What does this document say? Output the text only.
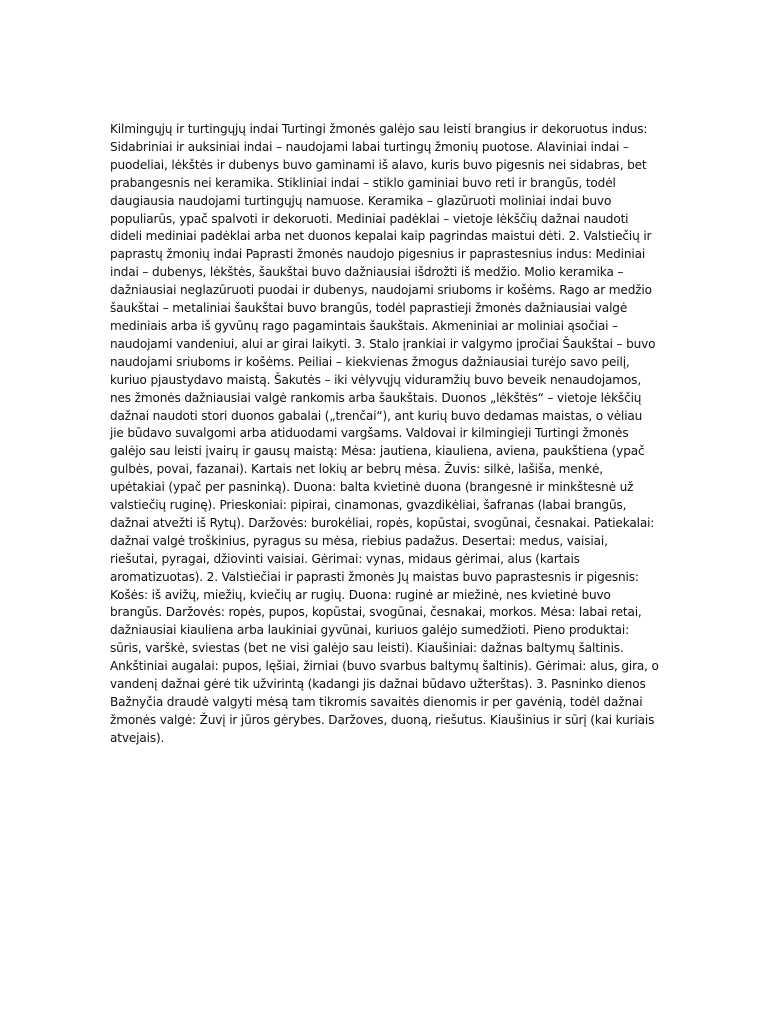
Kilmingųjų ir turtingųjų indai Turtingi žmonės galėjo sau leisti brangius ir dekoruotus indus: Sidabriniai ir auksiniai indai – naudojami labai turtingų žmonių puotose. Alaviniai indai – puodeliai, lėkštės ir dubenys buvo gaminami iš alavo, kuris buvo pigesnis nei sidabras, bet prabangesnis nei keramika. Stikliniai indai – stiklo gaminiai buvo reti ir brangūs, todėl daugiausia naudojami turtingųjų namuose. Keramika – glazūruoti moliniai indai buvo populiarūs, ypač spalvoti ir dekoruoti. Mediniai padėklai – vietoje lėkščių dažnai naudoti dideli mediniai padėklai arba net duonos kepalai kaip pagrindas maistui dėti. 2. Valstiečių ir paprastų žmonių indai Paprasti žmonės naudojo pigesnius ir paprastesnius indus: Mediniai indai – dubenys, lėkštės, šaukštai buvo dažniausiai išdrožti iš medžio. Molio keramika – dažniausiai neglazūruoti puodai ir dubenys, naudojami sriuboms ir košėms. Rago ar medžio šaukštai – metaliniai šaukštai buvo brangūs, todėl paprastieji žmonės dažniausiai valgė mediniais arba iš gyvūnų rago pagamintais šaukštais. Akmeniniai ar moliniai ąsočiai – naudojami vandeniui, alui ar girai laikyti. 3. Stalo įrankiai ir valgymo įpročiai Šaukštai – buvo naudojami sriuboms ir košėms. Peiliai – kiekvienas žmogus dažniausiai turėjo savo peilį, kuriuo pjaustydavo maistą. Šakutės – iki vėlyvųjų viduramžių buvo beveik nenaudojamos, nes žmonės dažniausiai valgė rankomis arba šaukštais. Duonos „lėkštės“ – vietoje lėkščių dažnai naudoti stori duonos gabalai („trenčai“), ant kurių buvo dedamas maistas, o vėliau jie būdavo suvalgomi arba atiduodami vargšams. Valdovai ir kilmingieji Turtingi žmonės galėjo sau leisti įvairų ir gausų maistą: Mėsa: jautiena, kiauliena, aviena, paukštiena (ypač gulbės, povai, fazanai). Kartais net lokių ar bebrų mėsa. Žuvis: silkė, lašiša, menkė, upėtakiai (ypač per pasninką). Duona: balta kvietinė duona (brangesnė ir minkštesnė už valstiečių ruginę). Prieskoniai: pipirai, cinamonas, gvazdikėliai, šafranas (labai brangūs, dažnai atvežti iš Rytų). Daržovės: burokėliai, ropės, kopūstai, svogūnai, česnakai. Patiekalai: dažnai valgė troškinius, pyragus su mėsa, riebius padažus. Desertai: medus, vaisiai, riešutai, pyragai, džiovinti vaisiai. Gėrimai: vynas, midaus gėrimai, alus (kartais aromatizuotas). 2. Valstiečiai ir paprasti žmonės Jų maistas buvo paprastesnis ir pigesnis: Košės: iš avižų, miežių, kviečių ar rugių. Duona: ruginė ar miežinė, nes kvietinė buvo brangūs. Daržovės: ropės, pupos, kopūstai, svogūnai, česnakai, morkos. Mėsa: labai retai, dažniausiai kiauliena arba laukiniai gyvūnai, kuriuos galėjo sumedžioti. Pieno produktai: sūris, varškė, sviestas (bet ne visi galėjo sau leisti). Kiaušiniai: dažnas baltymų šaltinis. Ankštiniai augalai: pupos, lęšiai, žirniai (buvo svarbus baltymų šaltinis). Gėrimai: alus, gira, o vandenį dažnai gėrė tik užvirintą (kadangi jis dažnai būdavo užterštas). 3. Pasninko dienos Bažnyčia draudė valgyti mėsą tam tikromis savaitės dienomis ir per gavėnią, todėl dažnai žmonės valgė: Žuvį ir jūros gėrybes. Daržoves, duoną, riešutus. Kiaušinius ir sūrį (kai kuriais atvejais).
